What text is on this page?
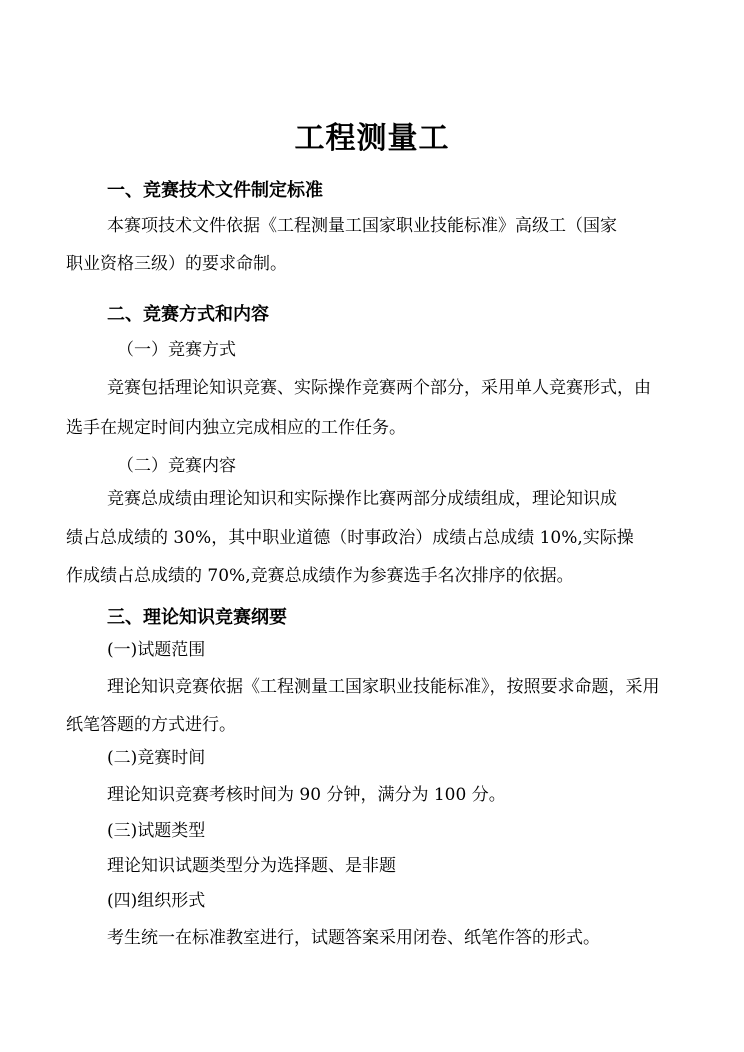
工程测量工
一、竞赛技术文件制定标准

本赛项技术文件依据《工程测量工国家职业技能标准》高级工（国家

职业资格三级）的要求命制。

二、竞赛方式和内容

（一）竞赛方式

竞赛包括理论知识竞赛、实际操作竞赛两个部分，采用单人竞赛形式，由

选手在规定时间内独立完成相应的工作任务。

（二）竞赛内容

竞赛总成绩由理论知识和实际操作比赛两部分成绩组成，理论知识成

绩占总成绩的 30%，其中职业道德（时事政治）成绩占总成绩 10%,实际操

作成绩占总成绩的 70%,竞赛总成绩作为参赛选手名次排序的依据。

三、理论知识竞赛纲要

(一)试题范围

理论知识竞赛依据《工程测量工国家职业技能标准》，按照要求命题，采用

纸笔答题的方式进行。

(二)竞赛时间

理论知识竞赛考核时间为 90 分钟，满分为 100 分。

(三)试题类型

理论知识试题类型分为选择题、是非题

(四)组织形式

考生统一在标准教室进行，试题答案采用闭卷、纸笔作答的形式。
